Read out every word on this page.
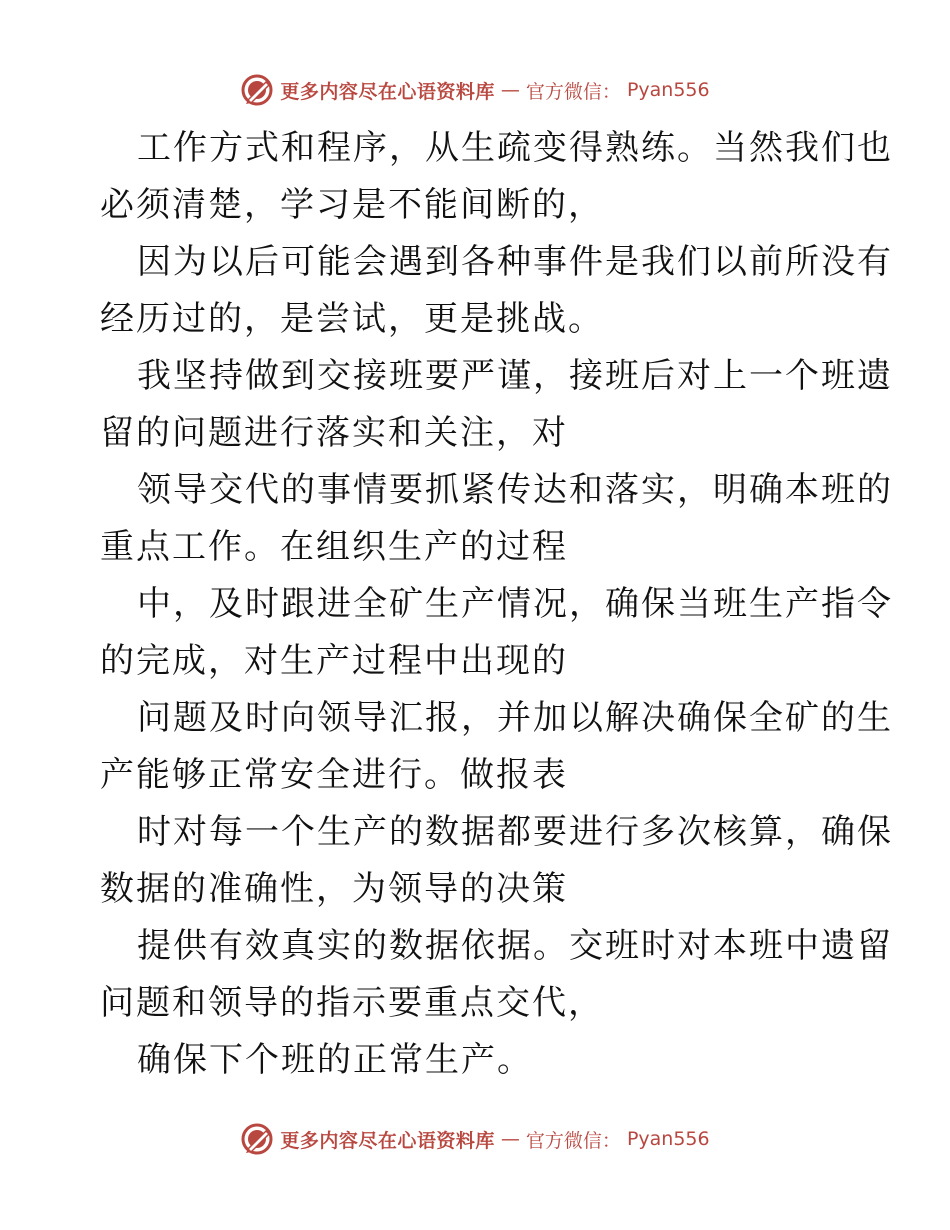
更多内容尽在心语资料库 — 官方微信： Pyan556
工作方式和程序，从生疏变得熟练。当然我们也
必须清楚，学习是不能间断的，
因为以后可能会遇到各种事件是我们以前所没有
经历过的，是尝试，更是挑战。
我坚持做到交接班要严谨，接班后对上一个班遗
留的问题进行落实和关注，对
领导交代的事情要抓紧传达和落实，明确本班的
重点工作。在组织生产的过程
中，及时跟进全矿生产情况，确保当班生产指令
的完成，对生产过程中出现的
问题及时向领导汇报，并加以解决确保全矿的生
产能够正常安全进行。做报表
时对每一个生产的数据都要进行多次核算，确保
数据的准确性，为领导的决策
提供有效真实的数据依据。交班时对本班中遗留
问题和领导的指示要重点交代，
确保下个班的正常生产。
更多内容尽在心语资料库 — 官方微信： Pyan556
